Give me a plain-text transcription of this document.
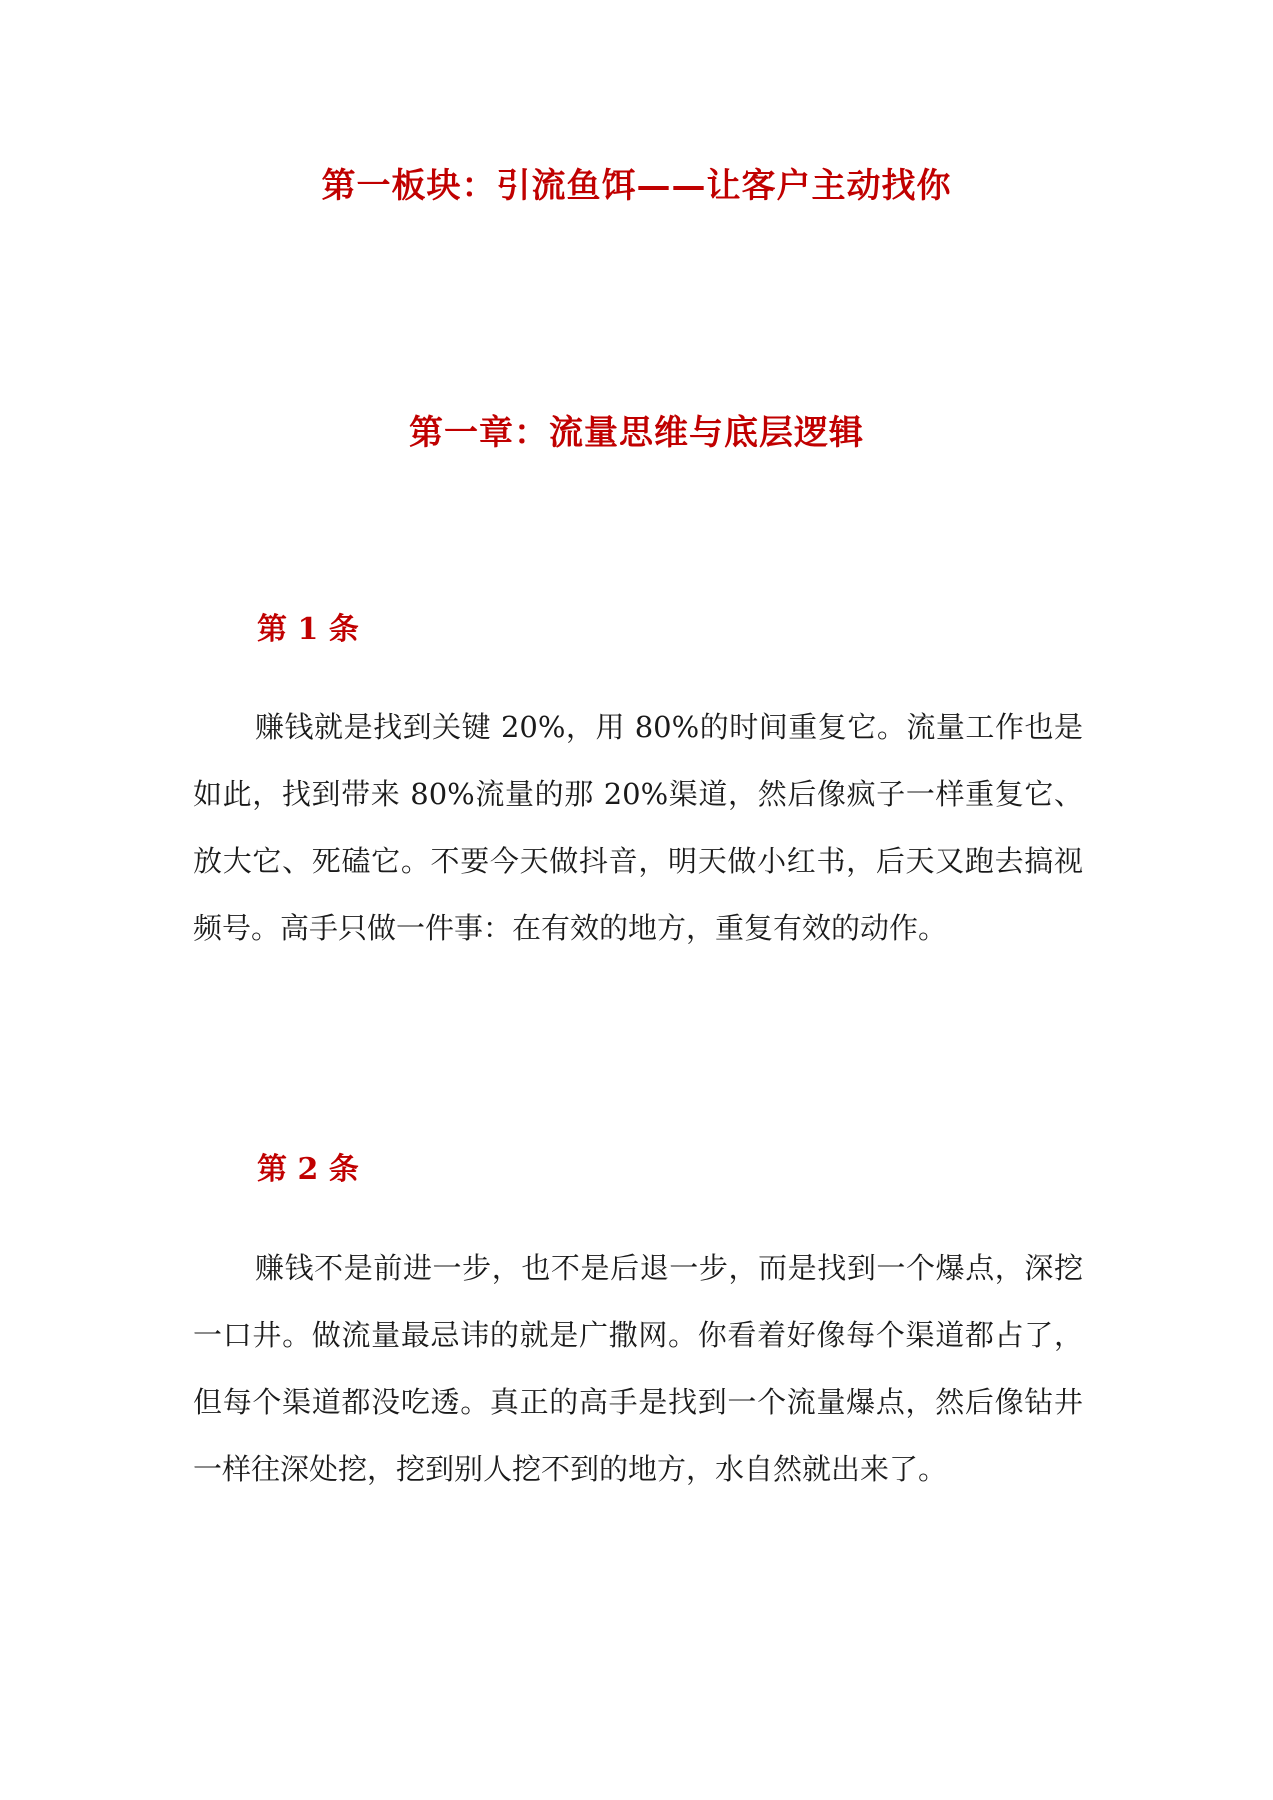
第一板块：引流鱼饵——让客户主动找你
第一章：流量思维与底层逻辑
第 1 条
赚钱就是找到关键 20%，用 80%的时间重复它。流量工作也是如此，找到带来 80%流量的那 20%渠道，然后像疯子一样重复它、放大它、死磕它。不要今天做抖音，明天做小红书，后天又跑去搞视频号。高手只做一件事：在有效的地方，重复有效的动作。
第 2 条
赚钱不是前进一步，也不是后退一步，而是找到一个爆点，深挖一口井。做流量最忌讳的就是广撒网。你看着好像每个渠道都占了，但每个渠道都没吃透。真正的高手是找到一个流量爆点，然后像钻井一样往深处挖，挖到别人挖不到的地方，水自然就出来了。
